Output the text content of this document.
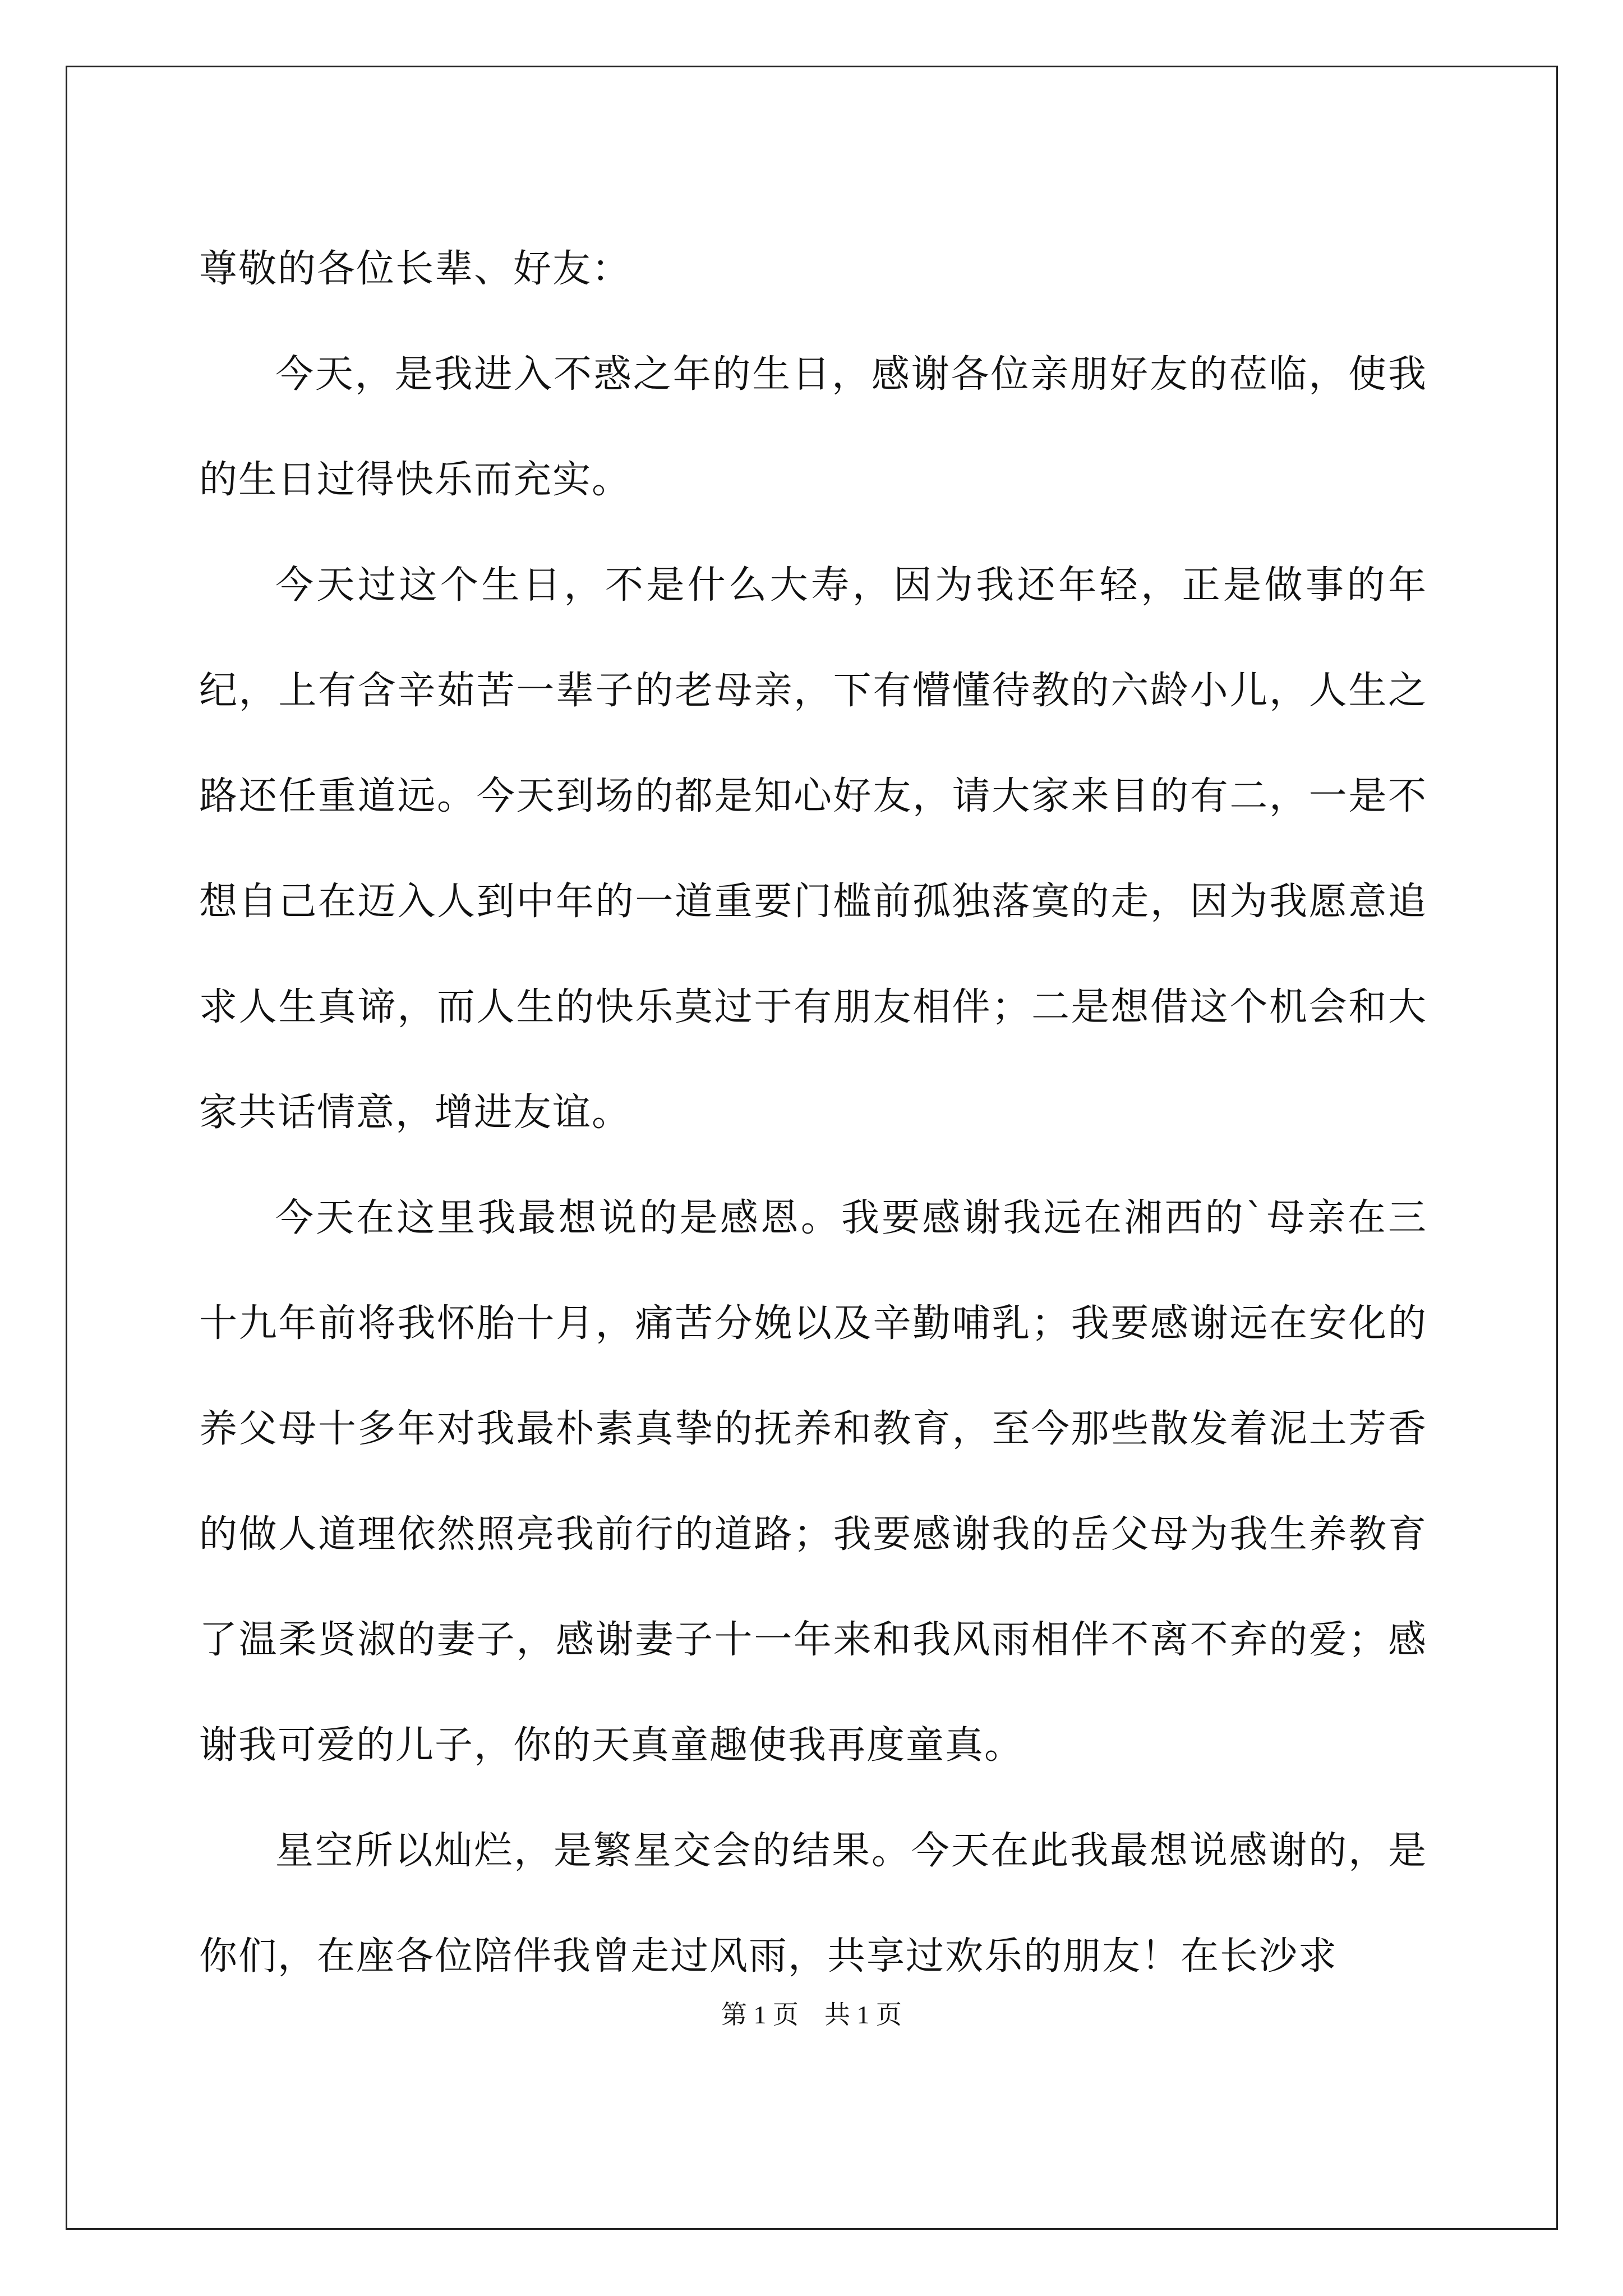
尊敬的各位长辈、好友：

今天，是我进入不惑之年的生日，感谢各位亲朋好友的莅临，使我的生日过得快乐而充实。

今天过这个生日，不是什么大寿，因为我还年轻，正是做事的年纪，上有含辛茹苦一辈子的老母亲，下有懵懂待教的六龄小儿，人生之路还任重道远。今天到场的都是知心好友，请大家来目的有二，一是不想自己在迈入人到中年的一道重要门槛前孤独落寞的走，因为我愿意追求人生真谛，而人生的快乐莫过于有朋友相伴；二是想借这个机会和大家共话情意，增进友谊。

今天在这里我最想说的是感恩。我要感谢我远在湘西的`母亲在三十九年前将我怀胎十月，痛苦分娩以及辛勤哺乳；我要感谢远在安化的养父母十多年对我最朴素真挚的抚养和教育，至今那些散发着泥土芳香的做人道理依然照亮我前行的道路；我要感谢我的岳父母为我生养教育了温柔贤淑的妻子，感谢妻子十一年来和我风雨相伴不离不弃的爱；感谢我可爱的儿子，你的天真童趣使我再度童真。

星空所以灿烂，是繁星交会的结果。今天在此我最想说感谢的，是你们，在座各位陪伴我曾走过风雨，共享过欢乐的朋友！在长沙求

第 1 页 共 1 页
